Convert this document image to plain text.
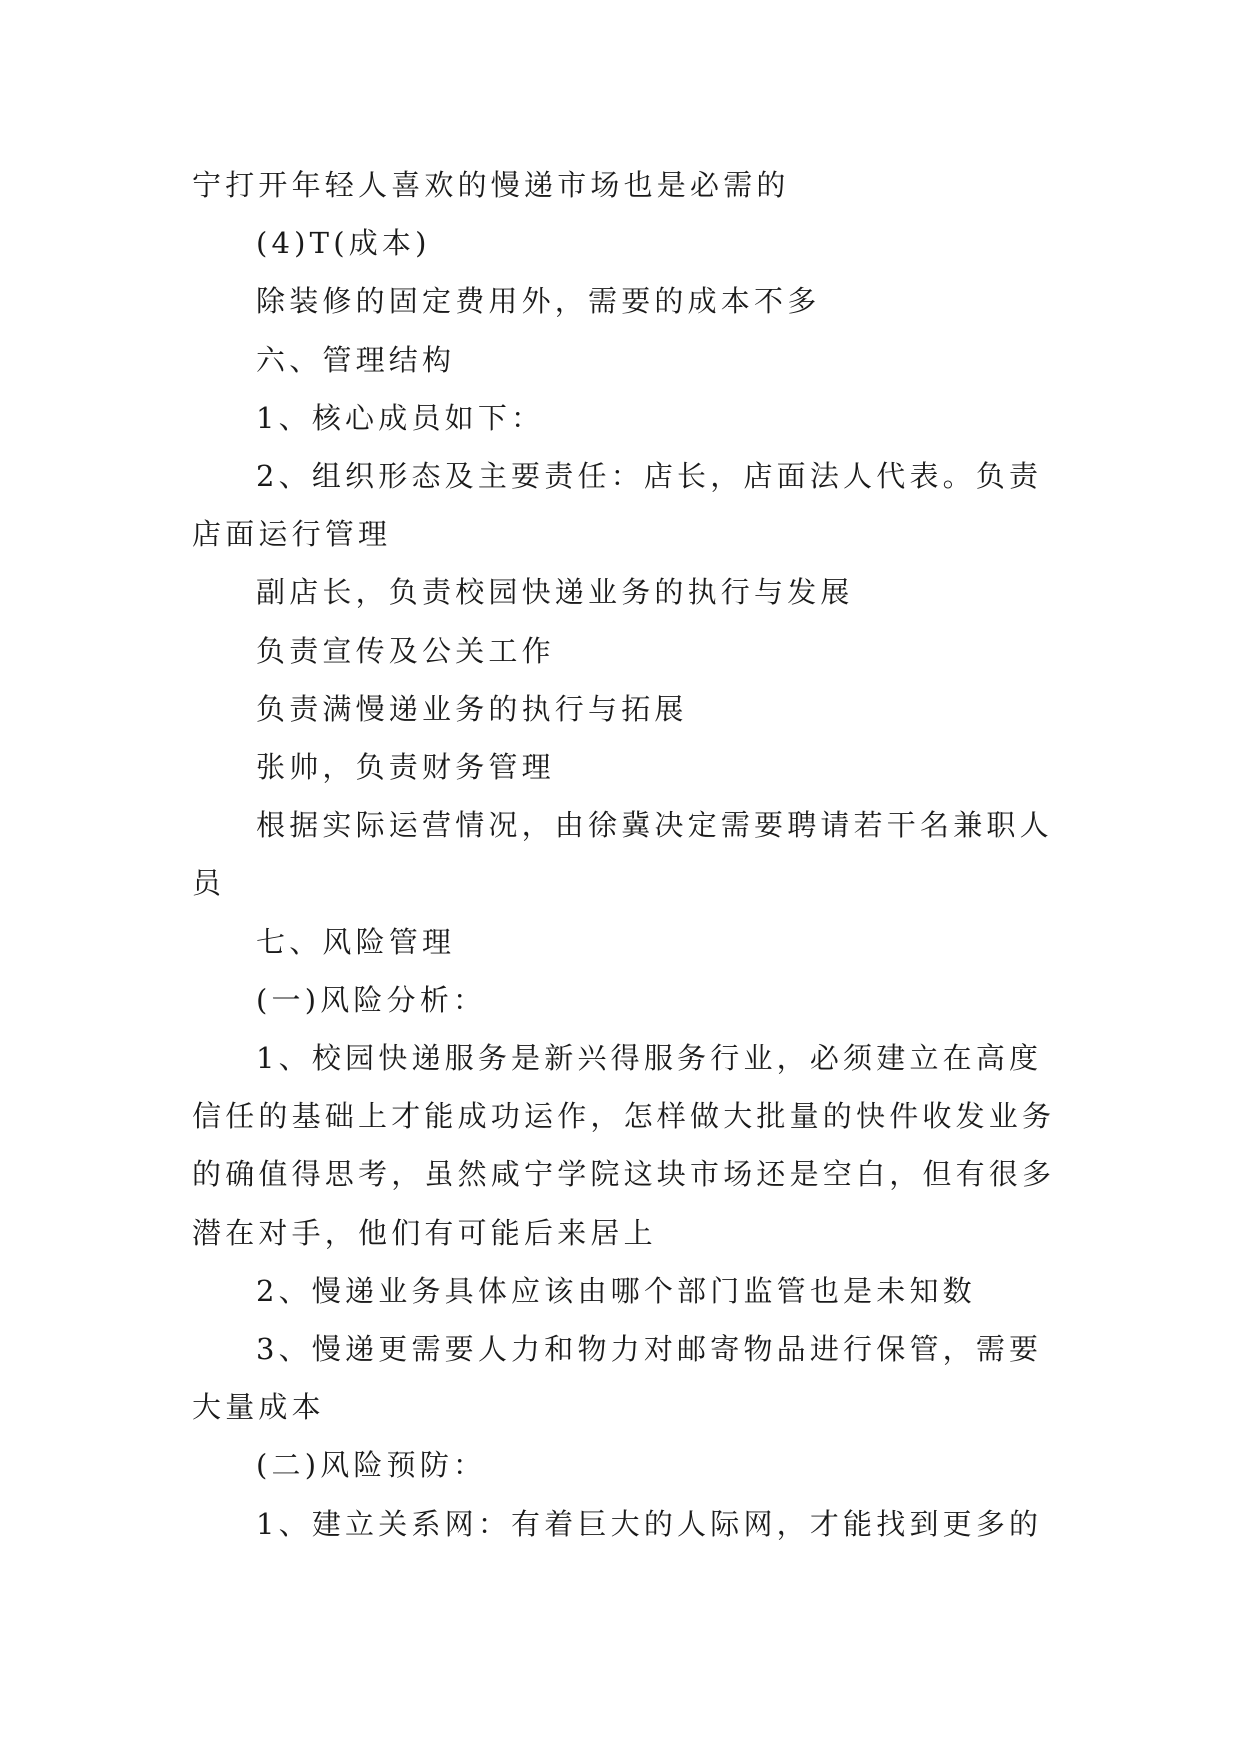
宁打开年轻人喜欢的慢递市场也是必需的

(4)T(成本)

除装修的固定费用外，需要的成本不多

六、管理结构

1、核心成员如下：

2、组织形态及主要责任：店长，店面法人代表。负责店面运行管理

副店长，负责校园快递业务的执行与发展

负责宣传及公关工作

负责满慢递业务的执行与拓展

张帅，负责财务管理

根据实际运营情况，由徐冀决定需要聘请若干名兼职人员

七、风险管理

(一)风险分析：

1、校园快递服务是新兴得服务行业，必须建立在高度信任的基础上才能成功运作，怎样做大批量的快件收发业务的确值得思考，虽然咸宁学院这块市场还是空白，但有很多潜在对手，他们有可能后来居上

2、慢递业务具体应该由哪个部门监管也是未知数

3、慢递更需要人力和物力对邮寄物品进行保管，需要大量成本

(二)风险预防：

1、建立关系网：有着巨大的人际网，才能找到更多的
